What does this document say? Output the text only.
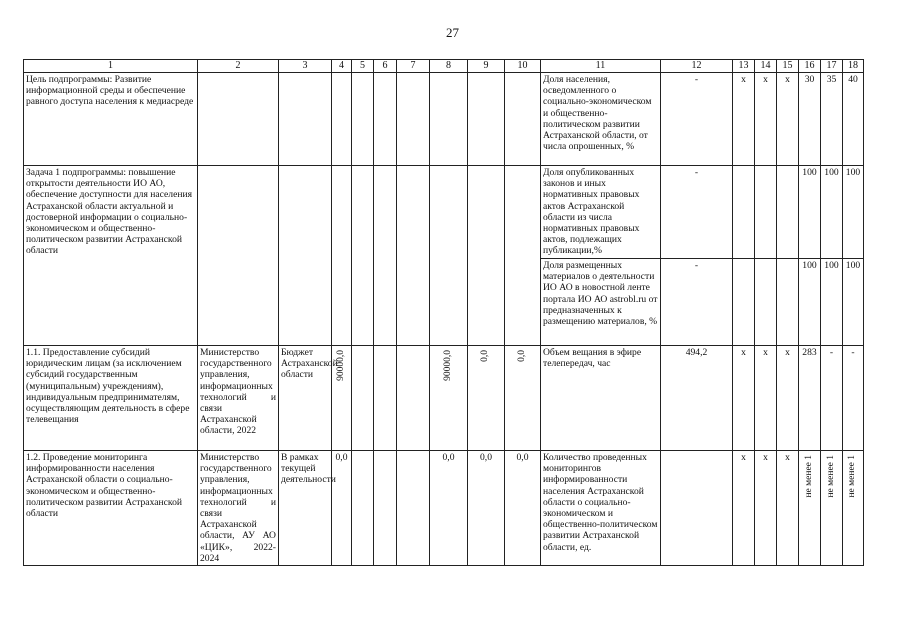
27
1	2	3	4	5	6	7	8	9	10	11	12	13	14	15	16	17	18
Цель подпрограммы: Развитие информационной среды и обеспечение равного доступа населения к медиасреде										Доля населения, осведомленного о социально-экономическом и общественно-политическом развитии Астраханской области, от числа опрошенных, %	-	x	x	x	30	35	40
Задача 1 подпрограммы: повышение открытости деятельности ИО АО, обеспечение доступности для населения Астраханской области актуальной и достоверной информации о социально-экономическом и общественно-политическом развитии Астраханской области										Доля опубликованных законов и иных нормативных правовых актов Астраханской области из числа нормативных правовых актов, подлежащих публикации,%	-				100	100	100
										Доля размещенных материалов о деятельности ИО АО в новостной ленте портала ИО АО astrobl.ru от предназначенных к размещению материалов, %	-				100	100	100
1.1. Предоставление субсидий юридическим лицам (за исключением субсидий государственным (муниципальным) учреждениям), индивидуальным предпринимателям, осуществляющим деятельность в сфере телевещания	Министерство государственного управления, информационных технологий и связи Астраханской области, 2022	Бюджет Астраханской области	90000,0				90000,0	0,0	0,0	Объем вещания в эфире телепередач, час	494,2	x	x	x	283	-	-
1.2. Проведение мониторинга информированности населения Астраханской области о социально-экономическом и общественно-политическом развитии Астраханской области	Министерство государственного управления, информационных технологий и связи Астраханской области, АУ АО «ЦИК», 2022-2024	В рамках текущей деятельности	0,0				0,0	0,0	0,0	Количество проведенных мониторингов информированности населения Астраханской области о социально-экономическом и общественно-политическом развитии Астраханской области, ед.		x	x	x	не менее 1	не менее 1	не менее 1
